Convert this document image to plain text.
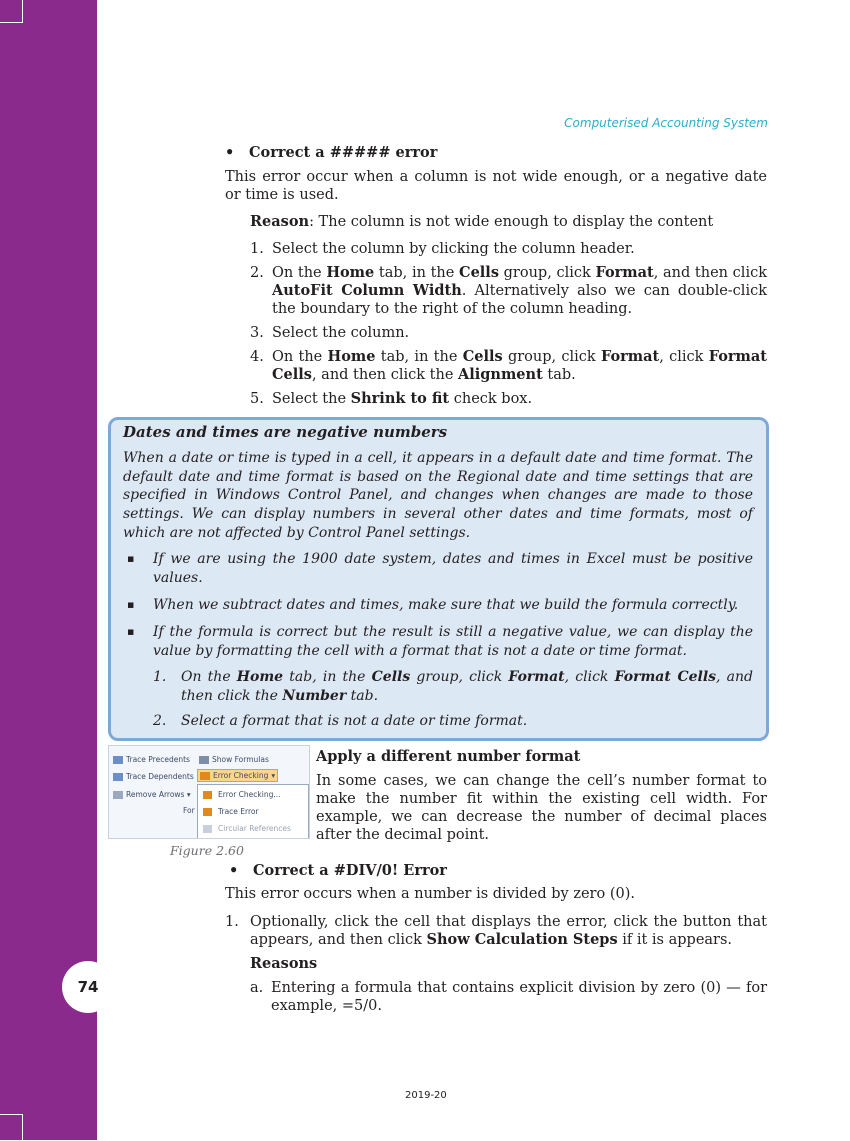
74
Computerised Accounting System
• Correct a ##### error
This error occur when a column is not wide enough, or a negative date or time is used.
Reason: The column is not wide enough to display the content
1. Select the column by clicking the column header.
2. On the Home tab, in the Cells group, click Format, and then click AutoFit Column Width. Alternatively also we can double-click the boundary to the right of the column heading.
3. Select the column.
4. On the Home tab, in the Cells group, click Format, click Format Cells, and then click the Alignment tab.
5. Select the Shrink to fit check box.
Dates and times are negative numbers
When a date or time is typed in a cell, it appears in a default date and time format. The default date and time format is based on the Regional date and time settings that are specified in Windows Control Panel, and changes when changes are made to those settings. We can display numbers in several other dates and time formats, most of which are not affected by Control Panel settings.
▪ If we are using the 1900 date system, dates and times in Excel must be positive values.
▪ When we subtract dates and times, make sure that we build the formula correctly.
▪ If the formula is correct but the result is still a negative value, we can display the value by formatting the cell with a format that is not a date or time format.
1. On the Home tab, in the Cells group, click Format, click Format Cells, and then click the Number tab.
2. Select a format that is not a date or time format.
Trace Precedents	Show Formulas
Trace Dependents	Error Checking ▾
Remove Arrows ▾
For
Error Checking...
Trace Error
Circular References
Figure 2.60
Apply a different number format
In some cases, we can change the cell’s number format to make the number fit within the existing cell width. For example, we can decrease the number of decimal places after the decimal point.
• Correct a #DIV/0! Error
This error occurs when a number is divided by zero (0).
1. Optionally, click the cell that displays the error, click the button that appears, and then click Show Calculation Steps if it is appears.
Reasons
a. Entering a formula that contains explicit division by zero (0) — for example, =5/0.
2019-20
